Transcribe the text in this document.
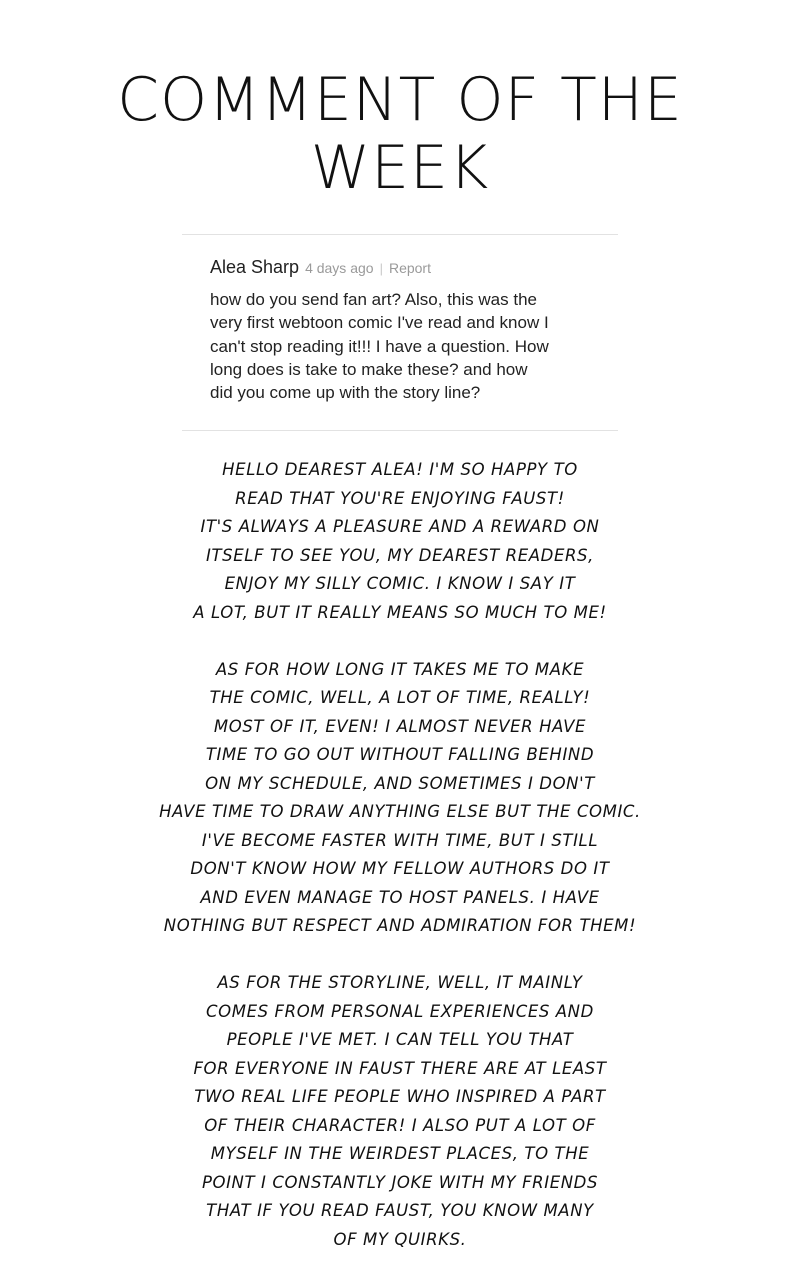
COMMENT OF THE
WEEK
Alea Sharp 4 days ago | Report
how do you send fan art? Also, this was the
very first webtoon comic I've read and know I
can't stop reading it!!! I have a question. How
long does is take to make these? and how
did you come up with the story line?
HELLO DEAREST ALEA! I'M SO HAPPY TO
READ THAT YOU'RE ENJOYING FAUST!
IT'S ALWAYS A PLEASURE AND A REWARD ON
ITSELF TO SEE YOU, MY DEAREST READERS,
ENJOY MY SILLY COMIC. I KNOW I SAY IT
A LOT, BUT IT REALLY MEANS SO MUCH TO ME!
AS FOR HOW LONG IT TAKES ME TO MAKE
THE COMIC, WELL, A LOT OF TIME, REALLY!
MOST OF IT, EVEN! I ALMOST NEVER HAVE
TIME TO GO OUT WITHOUT FALLING BEHIND
ON MY SCHEDULE, AND SOMETIMES I DON'T
HAVE TIME TO DRAW ANYTHING ELSE BUT THE COMIC.
I'VE BECOME FASTER WITH TIME, BUT I STILL
DON'T KNOW HOW MY FELLOW AUTHORS DO IT
AND EVEN MANAGE TO HOST PANELS. I HAVE
NOTHING BUT RESPECT AND ADMIRATION FOR THEM!
AS FOR THE STORYLINE, WELL, IT MAINLY
COMES FROM PERSONAL EXPERIENCES AND
PEOPLE I'VE MET. I CAN TELL YOU THAT
FOR EVERYONE IN FAUST THERE ARE AT LEAST
TWO REAL LIFE PEOPLE WHO INSPIRED A PART
OF THEIR CHARACTER! I ALSO PUT A LOT OF
MYSELF IN THE WEIRDEST PLACES, TO THE
POINT I CONSTANTLY JOKE WITH MY FRIENDS
THAT IF YOU READ FAUST, YOU KNOW MANY
OF MY QUIRKS.
